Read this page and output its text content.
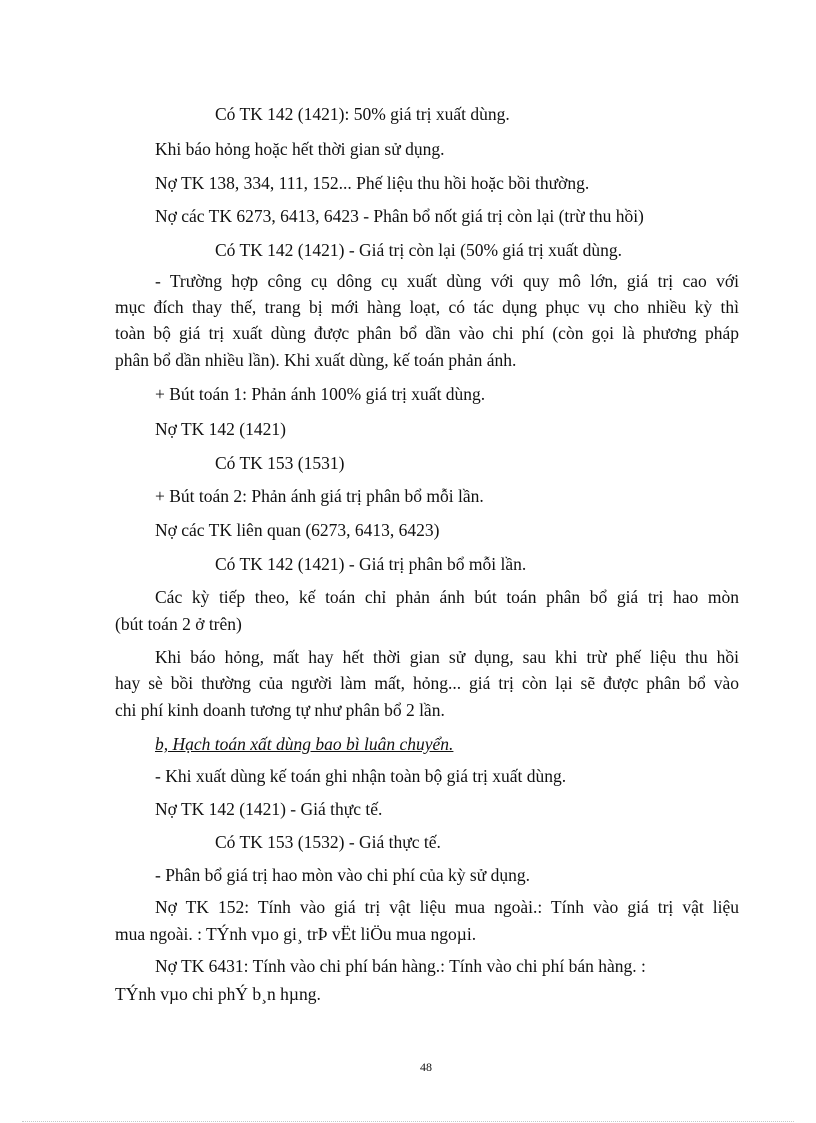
Có TK 142 (1421): 50% giá trị xuất dùng.

Khi báo hỏng hoặc hết thời gian sử dụng.

Nợ TK 138, 334, 111, 152... Phế liệu thu hồi hoặc bồi thường.

Nợ các TK 6273, 6413, 6423 - Phân bổ nốt giá trị còn lại (trừ thu hồi)

Có TK 142 (1421) - Giá trị còn lại (50% giá trị xuất dùng.

- Trường hợp công cụ dông cụ xuất dùng với quy mô lớn, giá trị cao với

mục đích thay thế, trang bị mới hàng loạt, có tác dụng phục vụ cho nhiều kỳ thì

toàn bộ giá trị xuất dùng được phân bổ dần vào chi phí (còn gọi là phương pháp

phân bổ dần nhiều lần). Khi xuất dùng, kế toán phản ánh.

+ Bút toán 1: Phản ánh 100% giá trị xuất dùng.

Nợ TK 142 (1421)

Có TK 153 (1531)

+ Bút toán 2: Phản ánh giá trị phân bổ mỗi lần.

Nợ các TK liên quan (6273, 6413, 6423)

Có TK 142 (1421) - Giá trị phân bổ mỗi lần.

Các kỳ tiếp theo, kế toán chỉ phản ánh bút toán phân bổ giá trị hao mòn

(bút toán 2 ở trên)

Khi báo hỏng, mất hay hết thời gian sử dụng, sau khi trừ phế liệu thu hồi

hay sè bồi thường của người làm mất, hỏng... giá trị còn lại sẽ được phân bổ vào

chi phí kinh doanh tương tự như phân bổ 2 lần.

b, Hạch toán xất dùng bao bì luân chuyển.

- Khi xuất dùng kế toán ghi nhận toàn bộ giá trị xuất dùng.

Nợ TK 142 (1421) - Giá thực tế.

Có TK 153 (1532) - Giá thực tế.

- Phân bổ giá trị hao mòn vào chi phí của kỳ sử dụng.

Nợ TK 152: Tính vào giá trị vật liệu mua ngoài.: Tính vào giá trị vật liệu

mua ngoài. : TÝnh vµo gi¸ trÞ vËt liÖu mua ngoµi.

Nợ TK 6431: Tính vào chi phí bán hàng.: Tính vào chi phí bán hàng. :

TÝnh vµo chi phÝ b¸n hµng.

48
